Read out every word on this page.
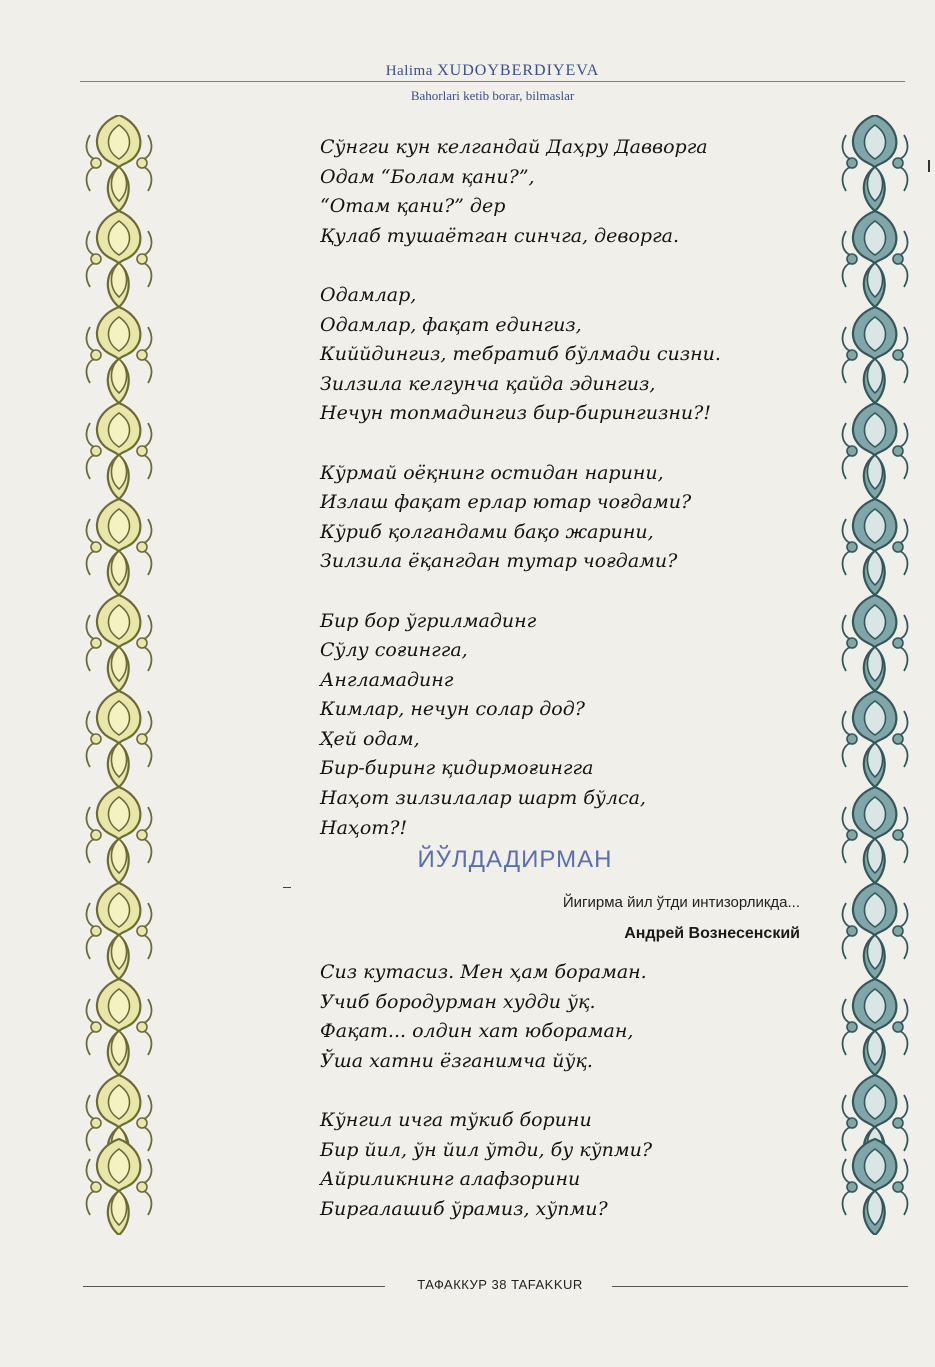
Halima XUDOYBERDIYEVA
Bahorlari ketib borar, bilmaslar
Сўнгги кун келгандай Даҳру Давворга
Одам “Болам қани?”,
“Отам қани?” дер
Қулаб тушаётган синчга, деворга.
Одамлар,
Одамлар, фақат едингиз,
Киййдингиз, тебратиб бўлмади сизни.
Зилзила келгунча қайда эдингиз,
Нечун топмадингиз бир-бирингизни?!
Кўрмай оёқнинг остидан нарини,
Излаш фақат ерлар ютар чоғдами?
Кўриб қолгандами бақо жарини,
Зилзила ёқангдан тутар чоғдами?
Бир бор ўгрилмадинг
Сўлу соғингга,
Англамадинг
Кимлар, нечун солар дод?
Ҳей одам,
Бир-биринг қидирмоғингга
Наҳот зилзилалар шарт бўлса,
Наҳот?!
ЙЎЛДАДИРМАН
Йигирма йил ўтди интизорликда...
Андрей Вознесенский
Сиз кутасиз. Мен ҳам бораман.
Учиб бородурман худди ўқ.
Фақат... олдин хат юбораман,
Ўша хатни ёзганимча йўқ.
Кўнгил ичга тўкиб борини
Бир йил, ўн йил ўтди, бу кўпми?
Айриликнинг алафзорини
Биргалашиб ўрамиз, хўпми?
ТАФАККУР 38 TAFAKKUR
